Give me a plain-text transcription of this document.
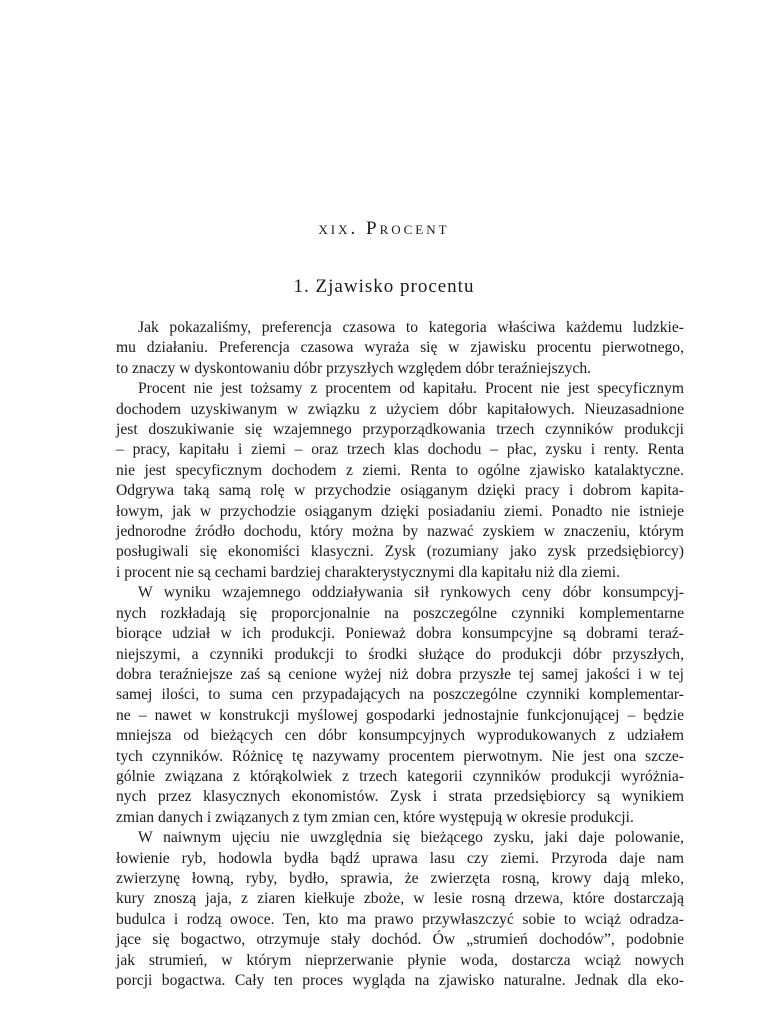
xix. Procent
1. Zjawisko procentu

Jak pokazaliśmy, preferencja czasowa to kategoria właściwa każdemu ludzkie-

mu działaniu. Preferencja czasowa wyraża się w zjawisku procentu pierwotnego,

to znaczy w dyskontowaniu dóbr przyszłych względem dóbr teraźniejszych.

Procent nie jest tożsamy z procentem od kapitału. Procent nie jest specyficznym

dochodem uzyskiwanym w związku z użyciem dóbr kapitałowych. Nieuzasadnione

jest doszukiwanie się wzajemnego przyporządkowania trzech czynników produkcji

– pracy, kapitału i ziemi – oraz trzech klas dochodu – płac, zysku i renty. Renta

nie jest specyficznym dochodem z ziemi. Renta to ogólne zjawisko katalaktyczne.

Odgrywa taką samą rolę w przychodzie osiąganym dzięki pracy i dobrom kapita-

łowym, jak w przychodzie osiąganym dzięki posiadaniu ziemi. Ponadto nie istnieje

jednorodne źródło dochodu, który można by nazwać zyskiem w znaczeniu, którym

posługiwali się ekonomiści klasyczni. Zysk (rozumiany jako zysk przedsiębiorcy)

i procent nie są cechami bardziej charakterystycznymi dla kapitału niż dla ziemi.

W wyniku wzajemnego oddziaływania sił rynkowych ceny dóbr konsumpcyj-

nych rozkładają się proporcjonalnie na poszczególne czynniki komplementarne

biorące udział w ich produkcji. Ponieważ dobra konsumpcyjne są dobrami teraź-

niejszymi, a czynniki produkcji to środki służące do produkcji dóbr przyszłych,

dobra teraźniejsze zaś są cenione wyżej niż dobra przyszłe tej samej jakości i w tej

samej ilości, to suma cen przypadających na poszczególne czynniki komplementar-

ne – nawet w konstrukcji myślowej gospodarki jednostajnie funkcjonującej – będzie

mniejsza od bieżących cen dóbr konsumpcyjnych wyprodukowanych z udziałem

tych czynników. Różnicę tę nazywamy procentem pierwotnym. Nie jest ona szcze-

gólnie związana z którąkolwiek z trzech kategorii czynników produkcji wyróżnia-

nych przez klasycznych ekonomistów. Zysk i strata przedsiębiorcy są wynikiem

zmian danych i związanych z tym zmian cen, które występują w okresie produkcji.

W naiwnym ujęciu nie uwzględnia się bieżącego zysku, jaki daje polowanie,

łowienie ryb, hodowla bydła bądź uprawa lasu czy ziemi. Przyroda daje nam

zwierzynę łowną, ryby, bydło, sprawia, że zwierzęta rosną, krowy dają mleko,

kury znoszą jaja, z ziaren kiełkuje zboże, w lesie rosną drzewa, które dostarczają

budulca i rodzą owoce. Ten, kto ma prawo przywłaszczyć sobie to wciąż odradza-

jące się bogactwo, otrzymuje stały dochód. Ów „strumień dochodów”, podobnie

jak strumień, w którym nieprzerwanie płynie woda, dostarcza wciąż nowych

porcji bogactwa. Cały ten proces wygląda na zjawisko naturalne. Jednak dla eko-
